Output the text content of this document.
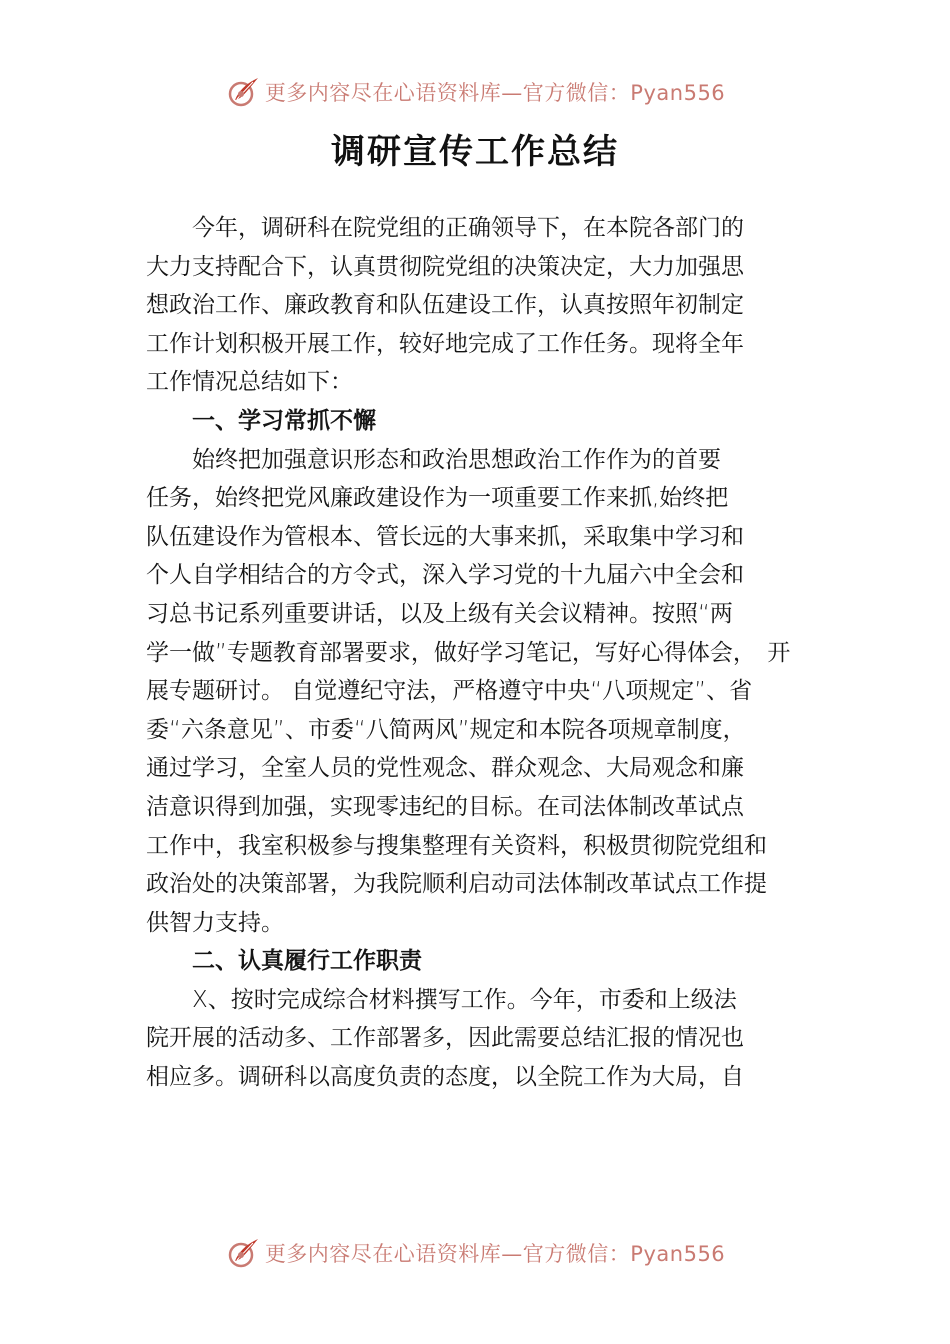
更多内容尽在心语资料库—官方微信：Pyan556
调研宣传工作总结
　　今年，调研科在院党组的正确领导下，在本院各部门的
大力支持配合下，认真贯彻院党组的决策决定，大力加强思
想政治工作、廉政教育和队伍建设工作，认真按照年初制定
工作计划积极开展工作，较好地完成了工作任务。现将全年
工作情况总结如下：
　　一、学习常抓不懈
　　始终把加强意识形态和政治思想政治工作作为的首要
任务，始终把党风廉政建设作为一项重要工作来抓,始终把
队伍建设作为管根本、管长远的大事来抓，采取集中学习和
个人自学相结合的方令式，深入学习党的十九届六中全会和
习总书记系列重要讲话，以及上级有关会议精神。按照“两
学一做”专题教育部署要求，做好学习笔记，写好心得体会，　开
展专题研讨。 自觉遵纪守法，严格遵守中央“八项规定”、省
委“六条意见”、市委“八简两风”规定和本院各项规章制度，
通过学习，全室人员的党性观念、群众观念、大局观念和廉
洁意识得到加强，实现零违纪的目标。在司法体制改革试点
工作中，我室积极参与搜集整理有关资料，积极贯彻院党组和
政治处的决策部署，为我院顺利启动司法体制改革试点工作提
供智力支持。
　　二、认真履行工作职责
　　X、按时完成综合材料撰写工作。今年，市委和上级法
院开展的活动多、工作部署多，因此需要总结汇报的情况也
相应多。调研科以高度负责的态度，以全院工作为大局，自
更多内容尽在心语资料库—官方微信：Pyan556
